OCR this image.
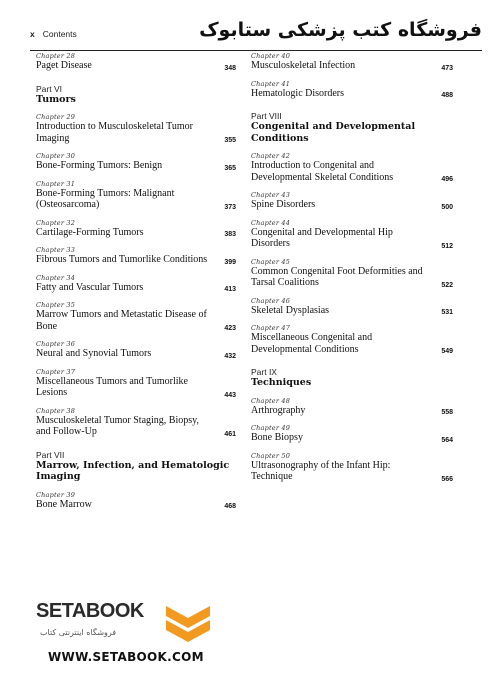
x Contents	فروشگاه کتب پزشکی ستابوک
Chapter 28
Paget Disease	348
Part VI
Tumors
Chapter 29
Introduction to Musculoskeletal Tumor Imaging	355
Chapter 30
Bone-Forming Tumors: Benign	365
Chapter 31
Bone-Forming Tumors: Malignant (Osteosarcoma)	373
Chapter 32
Cartilage-Forming Tumors	383
Chapter 33
Fibrous Tumors and Tumorlike Conditions	399
Chapter 34
Fatty and Vascular Tumors	413
Chapter 35
Marrow Tumors and Metastatic Disease of Bone	423
Chapter 36
Neural and Synovial Tumors	432
Chapter 37
Miscellaneous Tumors and Tumorlike Lesions	443
Chapter 38
Musculoskeletal Tumor Staging, Biopsy, and Follow-Up	461
Part VII
Marrow, Infection, and Hematologic Imaging
Chapter 39
Bone Marrow	468
Chapter 40
Musculoskeletal Infection	473
Chapter 41
Hematologic Disorders	488
Part VIII
Congenital and Developmental Conditions
Chapter 42
Introduction to Congenital and Developmental Skeletal Conditions	496
Chapter 43
Spine Disorders	500
Chapter 44
Congenital and Developmental Hip Disorders	512
Chapter 45
Common Congenital Foot Deformities and Tarsal Coalitions	522
Chapter 46
Skeletal Dysplasias	531
Chapter 47
Miscellaneous Congenital and Developmental Conditions	549
Part IX
Techniques
Chapter 48
Arthrography	558
Chapter 49
Bone Biopsy	564
Chapter 50
Ultrasonography of the Infant Hip: Technique	566
SETABOOK
فروشگاه اینترنتی کتاب
WWW.SETABOOK.COM
